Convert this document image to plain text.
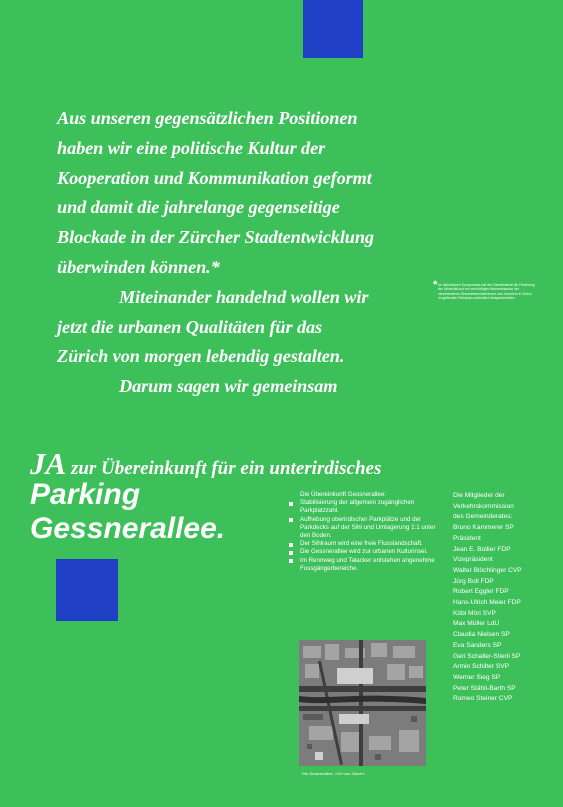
Aus unseren gegensätzlichen Positionen
haben wir eine politische Kultur der
Kooperation und Kommunikation geformt
und damit die jahrelange gegenseitige
Blockade in der Zürcher Stadtentwicklung
überwinden können.*
Miteinander handelnd wollen wir
jetzt die urbanen Qualitäten für das
Zürich von morgen lebendig gestalten.
Darum sagen wir gemeinsam
JA zur Übereinkunft für ein unterirdisches
Parking
Gessnerallee.
* Im historischen Kompromiss hat der Gemeinderat die Förderung der Urbanität und ein vernünftiges Nebeneinander der verschiedenen Strassenbenützerinnen und -benützer in Zürich im geltenden Richtplan verbindlich festgeschrieben.
Die Übereinkunft Gessnerallee:
Stabilisierung der allgemein zugänglichen Parkplatzzahl.
Aufhebung oberirdischer Parkplätze und der Parkdecks auf der Sihl und Umlagerung 1:1 unter den Boden.
Der Sihlraum wird eine freie Flusslandschaft.
Die Gessnerallee wird zur urbanen Kulturinsel.
Im Rennweg und Talacker entstehen angenehme Fussgängerbereiche.
Die Mitglieder der
Verkehrskommission
des Gemeinderates:
Bruno Kammerer SP
Präsident
Jean E. Bollier FDP
Vizepräsident
Walter Blöchlinger CVP
Jürg Boll FDP
Robert Eggler FDP
Hans-Ulrich Meier FDP
Köbi Möri SVP
Max Müller LdU
Claudia Nielsen SP
Eva Sanders SP
Geri Schaller-Stierli SP
Armin Schilter SVP
Werner Sieg SP
Peter Stähli-Barth SP
Romeo Steiner CVP
Die Gessnerallee, «Ort von Zürich»
